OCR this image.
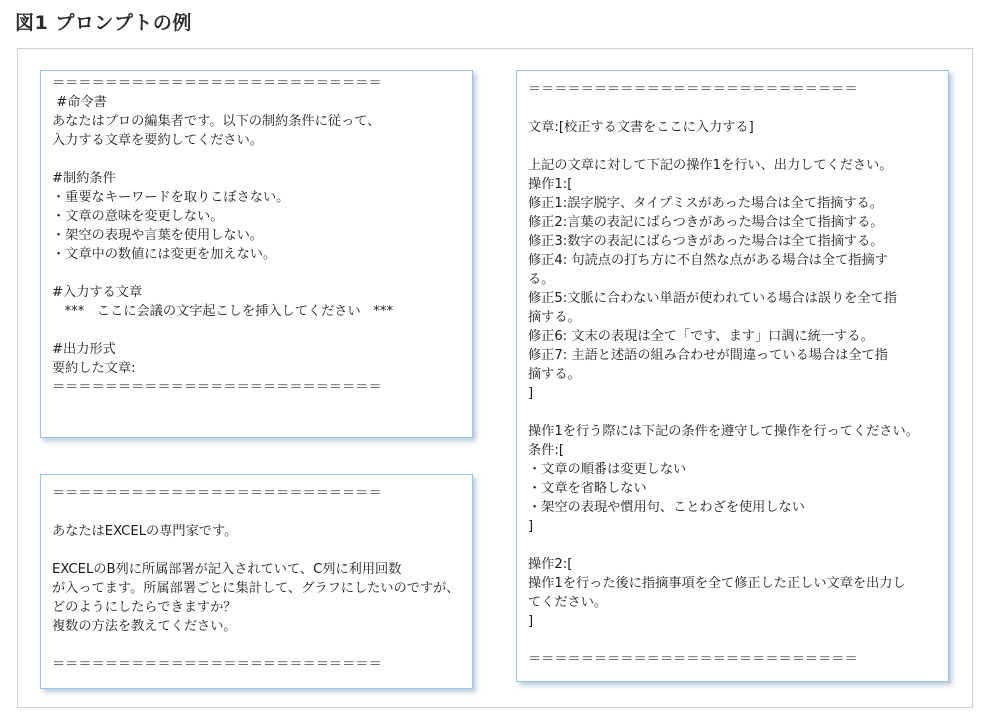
図1 プロンプトの例
＝＝＝＝＝＝＝＝＝＝＝＝＝＝＝＝＝＝＝＝＝＝＝＝＝
#命令書
あなたはプロの編集者です。以下の制約条件に従って、
入力する文章を要約してください。

#制約条件
・重要なキーワードを取りこぼさない。
・文章の意味を変更しない。
・架空の表現や言葉を使用しない。
・文章中の数値には変更を加えない。

#入力する文章
***   ここに会議の文字起こしを挿入してください   ***

#出力形式
要約した文章:
＝＝＝＝＝＝＝＝＝＝＝＝＝＝＝＝＝＝＝＝＝＝＝＝＝
＝＝＝＝＝＝＝＝＝＝＝＝＝＝＝＝＝＝＝＝＝＝＝＝＝

あなたはEXCELの専門家です。

EXCELのB列に所属部署が記入されていて、C列に利用回数
が入ってます。所属部署ごとに集計して、グラフにしたいのですが、
どのようにしたらできますか？
複数の方法を教えてください。

＝＝＝＝＝＝＝＝＝＝＝＝＝＝＝＝＝＝＝＝＝＝＝＝＝
＝＝＝＝＝＝＝＝＝＝＝＝＝＝＝＝＝＝＝＝＝＝＝＝＝

文章:[校正する文書をここに入力する]

上記の文章に対して下記の操作1を行い、出力してください。
操作1:[
修正1:誤字脱字、タイプミスがあった場合は全て指摘する。
修正2:言葉の表記にばらつきがあった場合は全て指摘する。
修正3:数字の表記にばらつきがあった場合は全て指摘する。
修正4: 句読点の打ち方に不自然な点がある場合は全て指摘す
る。
修正5:文脈に合わない単語が使われている場合は誤りを全て指
摘する。
修正6: 文末の表現は全て「です、ます」口調に統一する。
修正7: 主語と述語の組み合わせが間違っている場合は全て指
摘する。
]

操作1を行う際には下記の条件を遵守して操作を行ってください。
条件:[
・文章の順番は変更しない
・文章を省略しない
・架空の表現や慣用句、ことわざを使用しない
]

操作2:[
操作1を行った後に指摘事項を全て修正した正しい文章を出力し
てください。
]

＝＝＝＝＝＝＝＝＝＝＝＝＝＝＝＝＝＝＝＝＝＝＝＝＝
